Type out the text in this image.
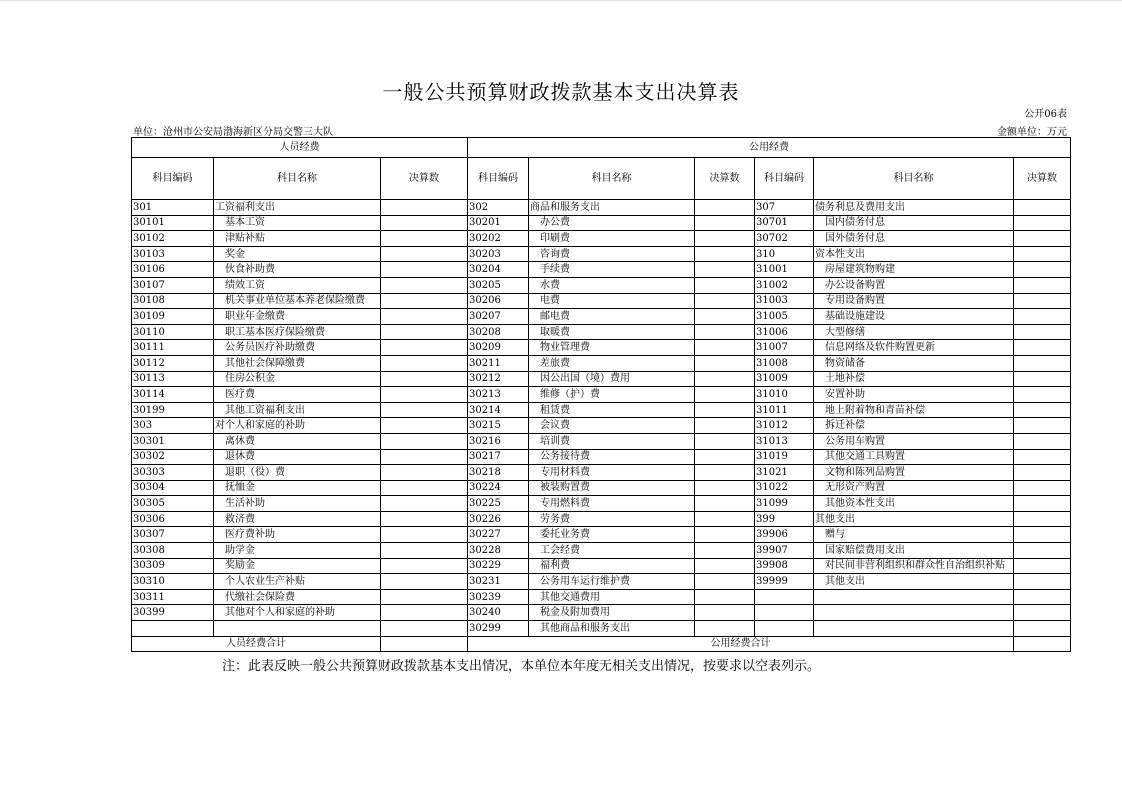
一般公共预算财政拨款基本支出决算表
公开06表
单位：沧州市公安局渤海新区分局交警三大队	金额单位：万元
人员经费			公用经费					
科目编码	科目名称	决算数	科目编码	科目名称	决算数	科目编码	科目名称	决算数
301	工资福利支出		302	商品和服务支出		307	债务利息及费用支出	
30101	基本工资		30201	办公费		30701	国内债务付息	
30102	津贴补贴		30202	印刷费		30702	国外债务付息	
30103	奖金		30203	咨询费		310	资本性支出	
30106	伙食补助费		30204	手续费		31001	房屋建筑物购建	
30107	绩效工资		30205	水费		31002	办公设备购置	
30108	机关事业单位基本养老保险缴费		30206	电费		31003	专用设备购置	
30109	职业年金缴费		30207	邮电费		31005	基础设施建设	
30110	职工基本医疗保险缴费		30208	取暖费		31006	大型修缮	
30111	公务员医疗补助缴费		30209	物业管理费		31007	信息网络及软件购置更新	
30112	其他社会保障缴费		30211	差旅费		31008	物资储备	
30113	住房公积金		30212	因公出国（境）费用		31009	土地补偿	
30114	医疗费		30213	维修（护）费		31010	安置补助	
30199	其他工资福利支出		30214	租赁费		31011	地上附着物和青苗补偿	
303	对个人和家庭的补助		30215	会议费		31012	拆迁补偿	
30301	离休费		30216	培训费		31013	公务用车购置	
30302	退休费		30217	公务接待费		31019	其他交通工具购置	
30303	退职（役）费		30218	专用材料费		31021	文物和陈列品购置	
30304	抚恤金		30224	被装购置费		31022	无形资产购置	
30305	生活补助		30225	专用燃料费		31099	其他资本性支出	
30306	救济费		30226	劳务费		399	其他支出	
30307	医疗费补助		30227	委托业务费		39906	赠与	
30308	助学金		30228	工会经费		39907	国家赔偿费用支出	
30309	奖励金		30229	福利费		39908	对民间非营利组织和群众性自治组织补贴	
30310	个人农业生产补贴		30231	公务用车运行维护费		39999	其他支出	
30311	代缴社会保险费		30239	其他交通费用				
30399	其他对个人和家庭的补助		30240	税金及附加费用				
			30299	其他商品和服务支出				
人员经费合计			公用经费合计					
注：此表反映一般公共预算财政拨款基本支出情况，本单位本年度无相关支出情况，按要求以空表列示。
